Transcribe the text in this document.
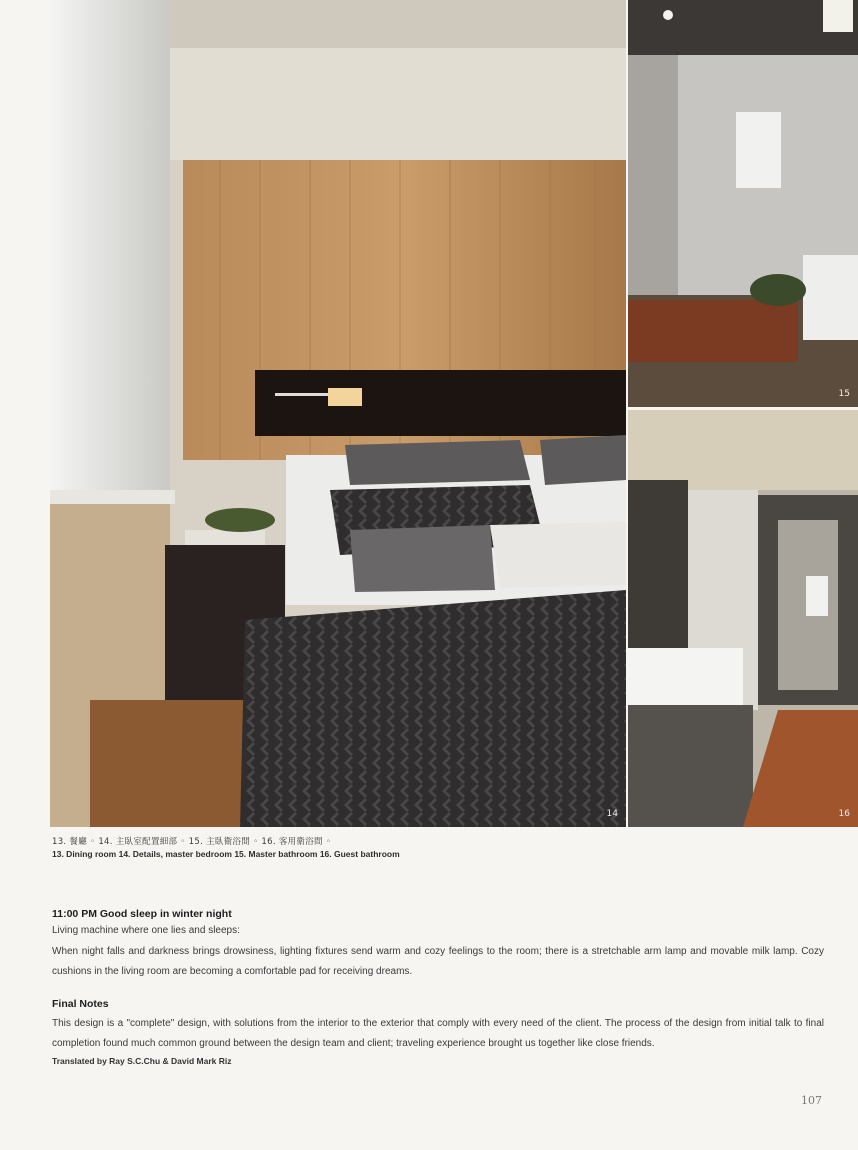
14
15
16
13. 餐廳 ◦ 14. 主臥室配置細部 ◦ 15. 主臥衛浴間 ◦ 16. 客用衛浴間 ◦
13. Dining room 14. Details, master bedroom 15. Master bathroom 16. Guest bathroom

11:00 PM Good sleep in winter night

Living machine where one lies and sleeps:

When night falls and darkness brings drowsiness, lighting fixtures send warm and cozy feelings to the room; there is a stretchable arm lamp and movable milk lamp. Cozy cushions in the living room are becoming a comfortable pad for receiving dreams.

Final Notes

This design is a "complete" design, with solutions from the interior to the exterior that comply with every need of the client. The process of the design from initial talk to final completion found much common ground between the design team and client; traveling experience brought us together like close friends.

Translated by Ray S.C.Chu & David Mark Riz
107
